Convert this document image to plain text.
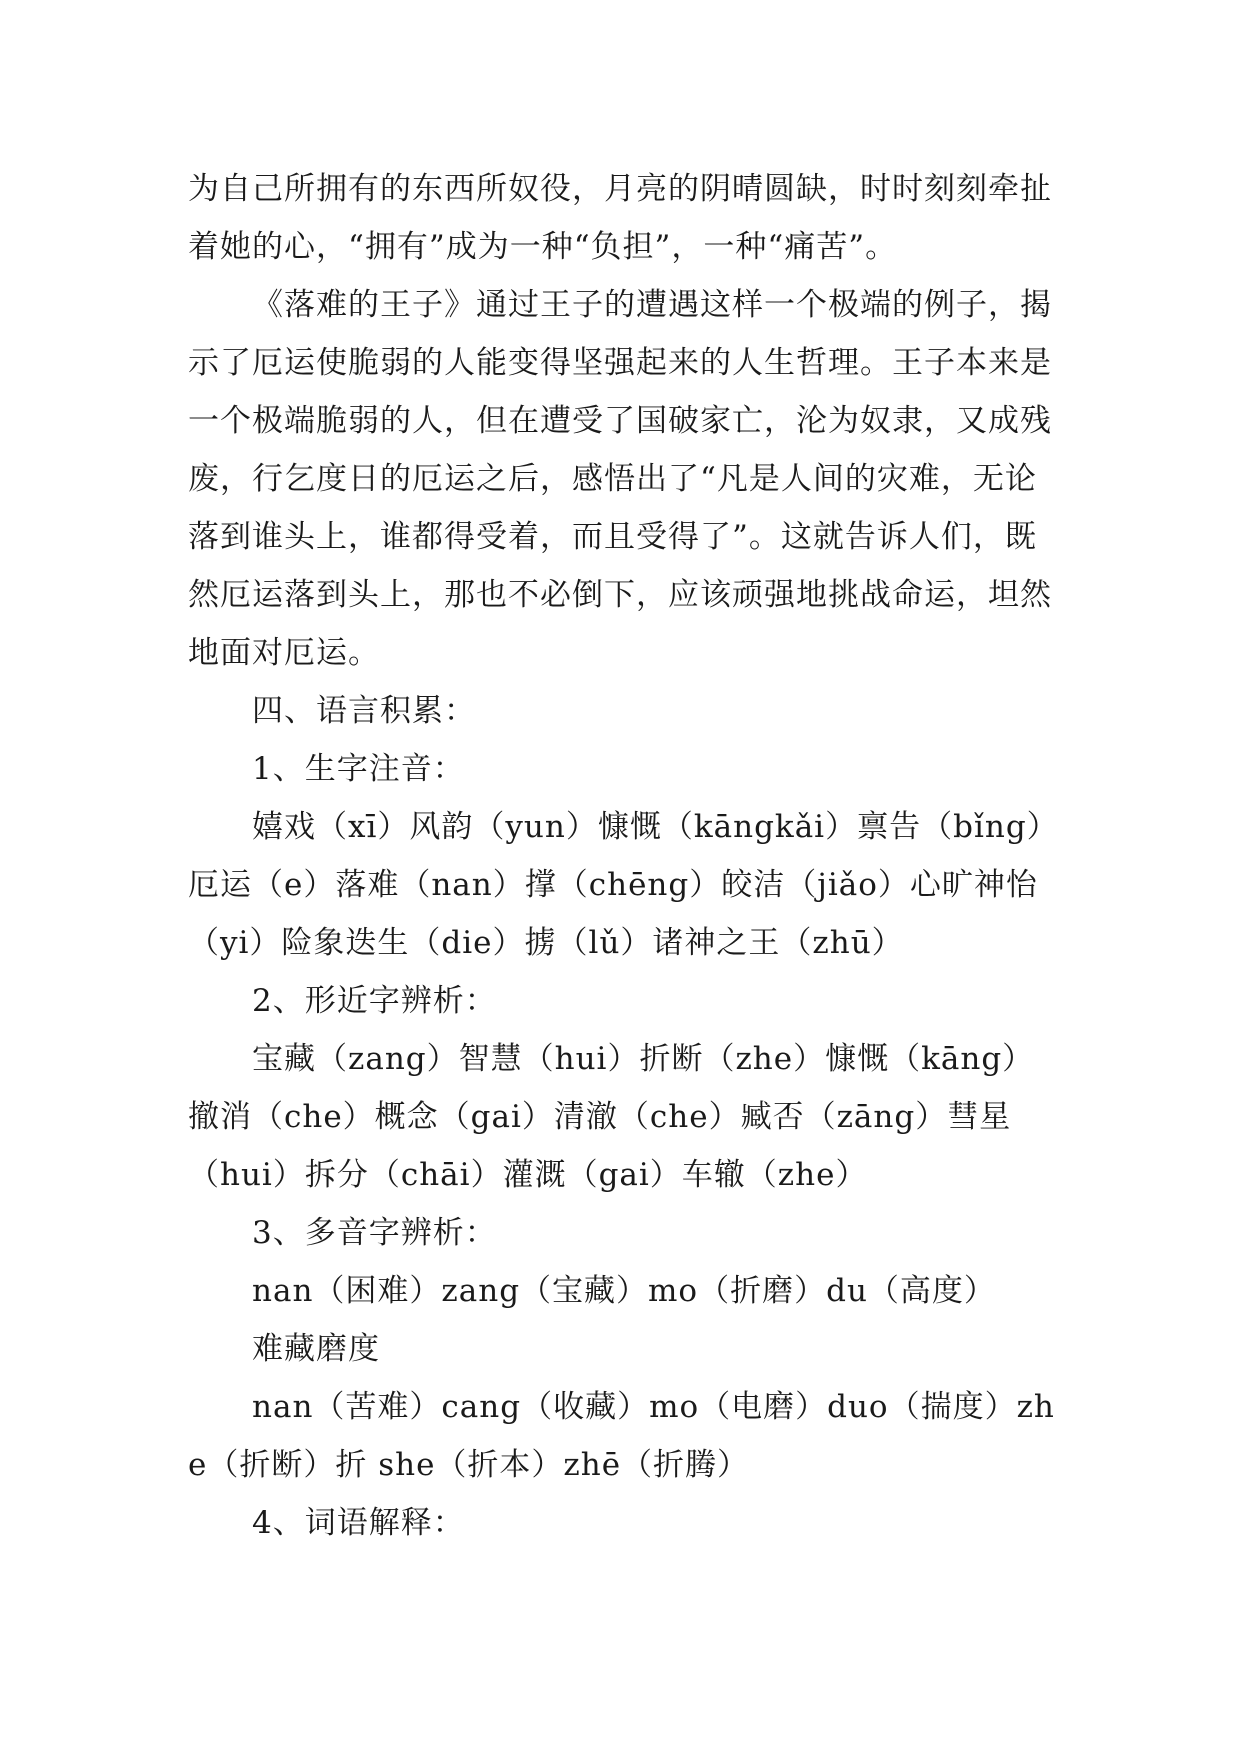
为自己所拥有的东西所奴役，月亮的阴晴圆缺，时时刻刻牵扯着她的心，“拥有”成为一种“负担”，一种“痛苦”。

《落难的王子》通过王子的遭遇这样一个极端的例子，揭示了厄运使脆弱的人能变得坚强起来的人生哲理。王子本来是一个极端脆弱的人，但在遭受了国破家亡，沦为奴隶，又成残废，行乞度日的厄运之后，感悟出了“凡是人间的灾难，无论落到谁头上，谁都得受着，而且受得了”。这就告诉人们，既然厄运落到头上，那也不必倒下，应该顽强地挑战命运，坦然地面对厄运。

四、语言积累：

1、生字注音：

嬉戏（xī）风韵（yun）慷慨（kāngkǎi）禀告（bǐng）厄运（e）落难（nan）撑（chēng）皎洁（jiǎo）心旷神怡（yi）险象迭生（die）掳（lǔ）诸神之王（zhū）

2、形近字辨析：

宝藏（zang）智慧（hui）折断（zhe）慷慨（kāng）撤消（che）概念（gai）清澈（che）臧否（zāng）彗星（hui）拆分（chāi）灌溉（gai）车辙（zhe）

3、多音字辨析：

nan（困难）zang（宝藏）mo（折磨）du（高度）

难藏磨度

nan（苦难）cang（收藏）mo（电磨）duo（揣度）zhe（折断）折 she（折本）zhē（折腾）

4、词语解释：
